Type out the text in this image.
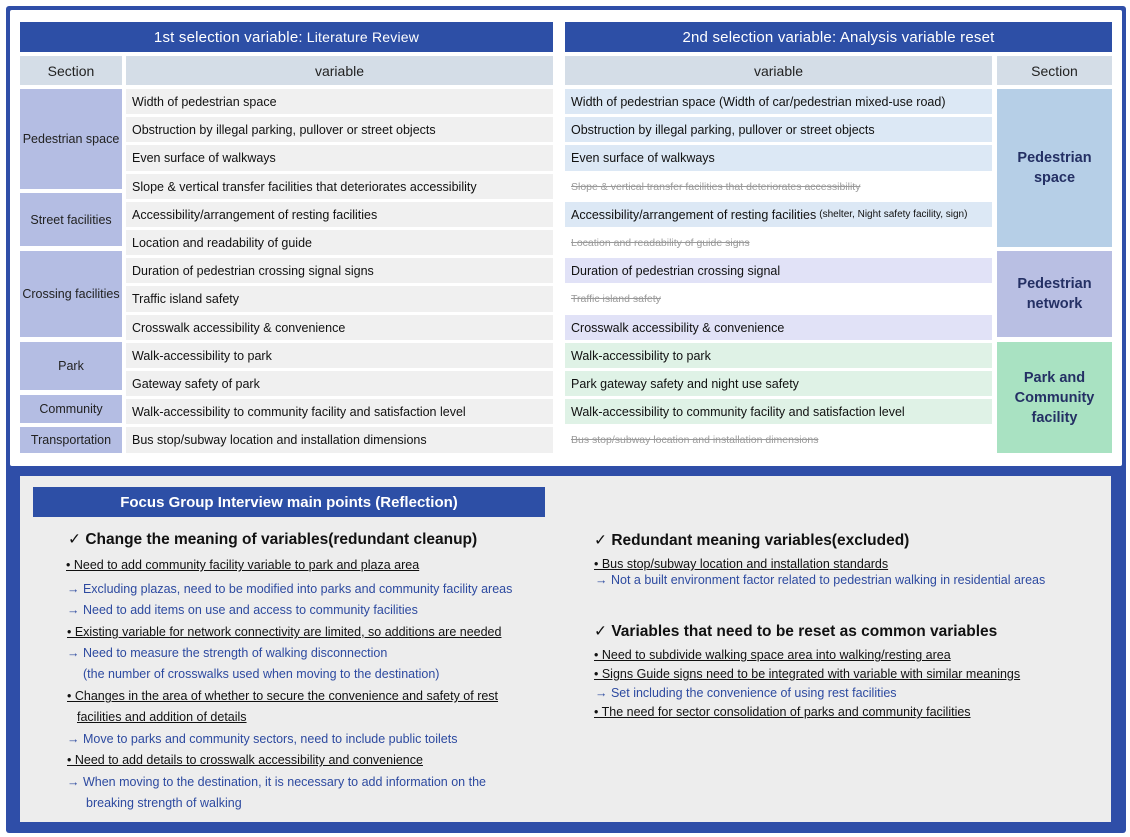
1st selection variable: Literature Review
Section	variable
Pedestrian space
Street facilities
Crossing facilities
Park
Community
Transportation
Width of pedestrian space
Obstruction by illegal parking, pullover or street objects
Even surface of walkways
Slope & vertical transfer facilities that deteriorates accessibility
Accessibility/arrangement of resting facilities
Location and readability of guide
Duration of pedestrian crossing signal signs
Traffic island safety
Crosswalk accessibility & convenience
Walk-accessibility to park
Gateway safety of park
Walk-accessibility to community facility and satisfaction level
Bus stop/subway location and installation dimensions
2nd selection variable: Analysis variable reset
variable	Section
Pedestrian space
Pedestrian network
Park and Community facility
Width of pedestrian space (Width of car/pedestrian mixed-use road)
Obstruction by illegal parking, pullover or street objects
Even surface of walkways
Slope & vertical transfer facilities that deteriorates accessibility
Accessibility/arrangement of resting facilities (shelter, Night safety facility, sign)
Location and readability of guide signs
Duration of pedestrian crossing signal
Traffic island safety
Crosswalk accessibility & convenience
Walk-accessibility to park
Park gateway safety and night use safety
Walk-accessibility to community facility and satisfaction level
Bus stop/subway location and installation dimensions
Focus Group Interview main points (Reflection)
✓ Change the meaning of variables(redundant cleanup)
• Need to add community facility variable to park and plaza area
→ Excluding plazas, need to be modified into parks and community facility areas
→ Need to add items on use and access to community facilities
• Existing variable for network connectivity are limited, so additions are needed
→ Need to measure the strength of walking disconnection
(the number of crosswalks used when moving to the destination)
• Changes in the area of whether to secure the convenience and safety of rest
facilities and addition of details
→ Move to parks and community sectors, need to include public toilets
• Need to add details to crosswalk accessibility and convenience
→ When moving to the destination, it is necessary to add information on the
breaking strength of walking
✓ Redundant meaning variables(excluded)
• Bus stop/subway location and installation standards
→ Not a built environment factor related to pedestrian walking in residential areas
✓ Variables that need to be reset as common variables
• Need to subdivide walking space area into walking/resting area
• Signs Guide signs need to be integrated with variable with similar meanings
→ Set including the convenience of using rest facilities
• The need for sector consolidation of parks and community facilities
